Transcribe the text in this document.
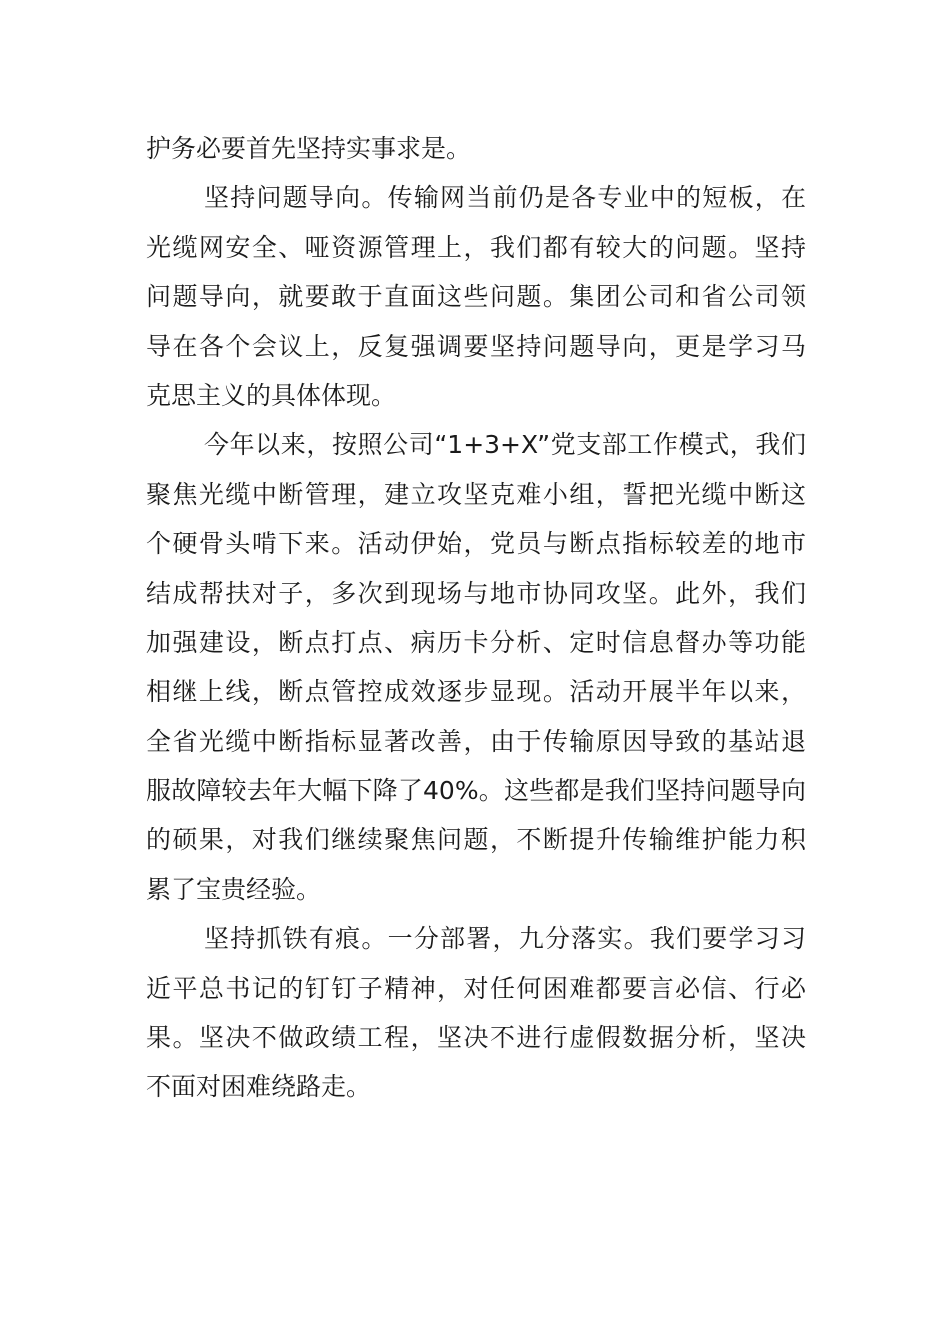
护务必要首先坚持实事求是。
坚持问题导向。传输网当前仍是各专业中的短板，在
光缆网安全、哑资源管理上，我们都有较大的问题。坚持
问题导向，就要敢于直面这些问题。集团公司和省公司领
导在各个会议上，反复强调要坚持问题导向，更是学习马
克思主义的具体体现。
今年以来，按照公司“1+3+X”党支部工作模式，我们
聚焦光缆中断管理，建立攻坚克难小组，誓把光缆中断这
个硬骨头啃下来。活动伊始，党员与断点指标较差的地市
结成帮扶对子，多次到现场与地市协同攻坚。此外，我们
加强建设，断点打点、病历卡分析、定时信息督办等功能
相继上线，断点管控成效逐步显现。活动开展半年以来，
全省光缆中断指标显著改善，由于传输原因导致的基站退
服故障较去年大幅下降了40%。这些都是我们坚持问题导向
的硕果，对我们继续聚焦问题，不断提升传输维护能力积
累了宝贵经验。
坚持抓铁有痕。一分部署，九分落实。我们要学习习
近平总书记的钉钉子精神，对任何困难都要言必信、行必
果。坚决不做政绩工程，坚决不进行虚假数据分析，坚决
不面对困难绕路走。
